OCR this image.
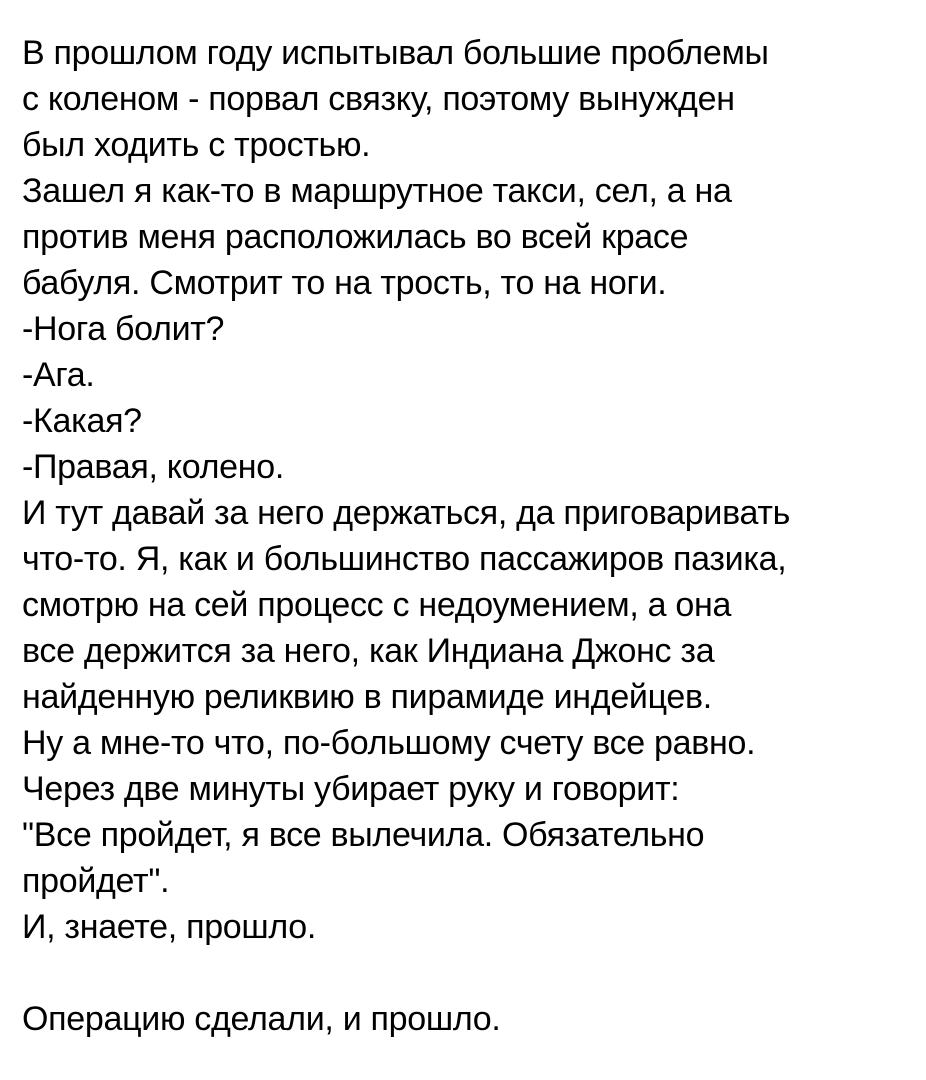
В прошлом году испытывал большие проблемы
с коленом - порвал связку, поэтому вынужден
был ходить с тростью.
Зашел я как-то в маршрутное такси, сел, а на
против меня расположилась во всей красе
бабуля. Смотрит то на трость, то на ноги.
-Нога болит?
-Ага.
-Какая?
-Правая, колено.
И тут давай за него держаться, да приговаривать
что-то. Я, как и большинство пассажиров пазика,
смотрю на сей процесс с недоумением, а она
все держится за него, как Индиана Джонс за
найденную реликвию в пирамиде индейцев.
Ну а мне-то что, по-большому счету все равно.
Через две минуты убирает руку и говорит:
"Все пройдет, я все вылечила. Обязательно
пройдет".
И, знаете, прошло.
Операцию сделали, и прошло.
